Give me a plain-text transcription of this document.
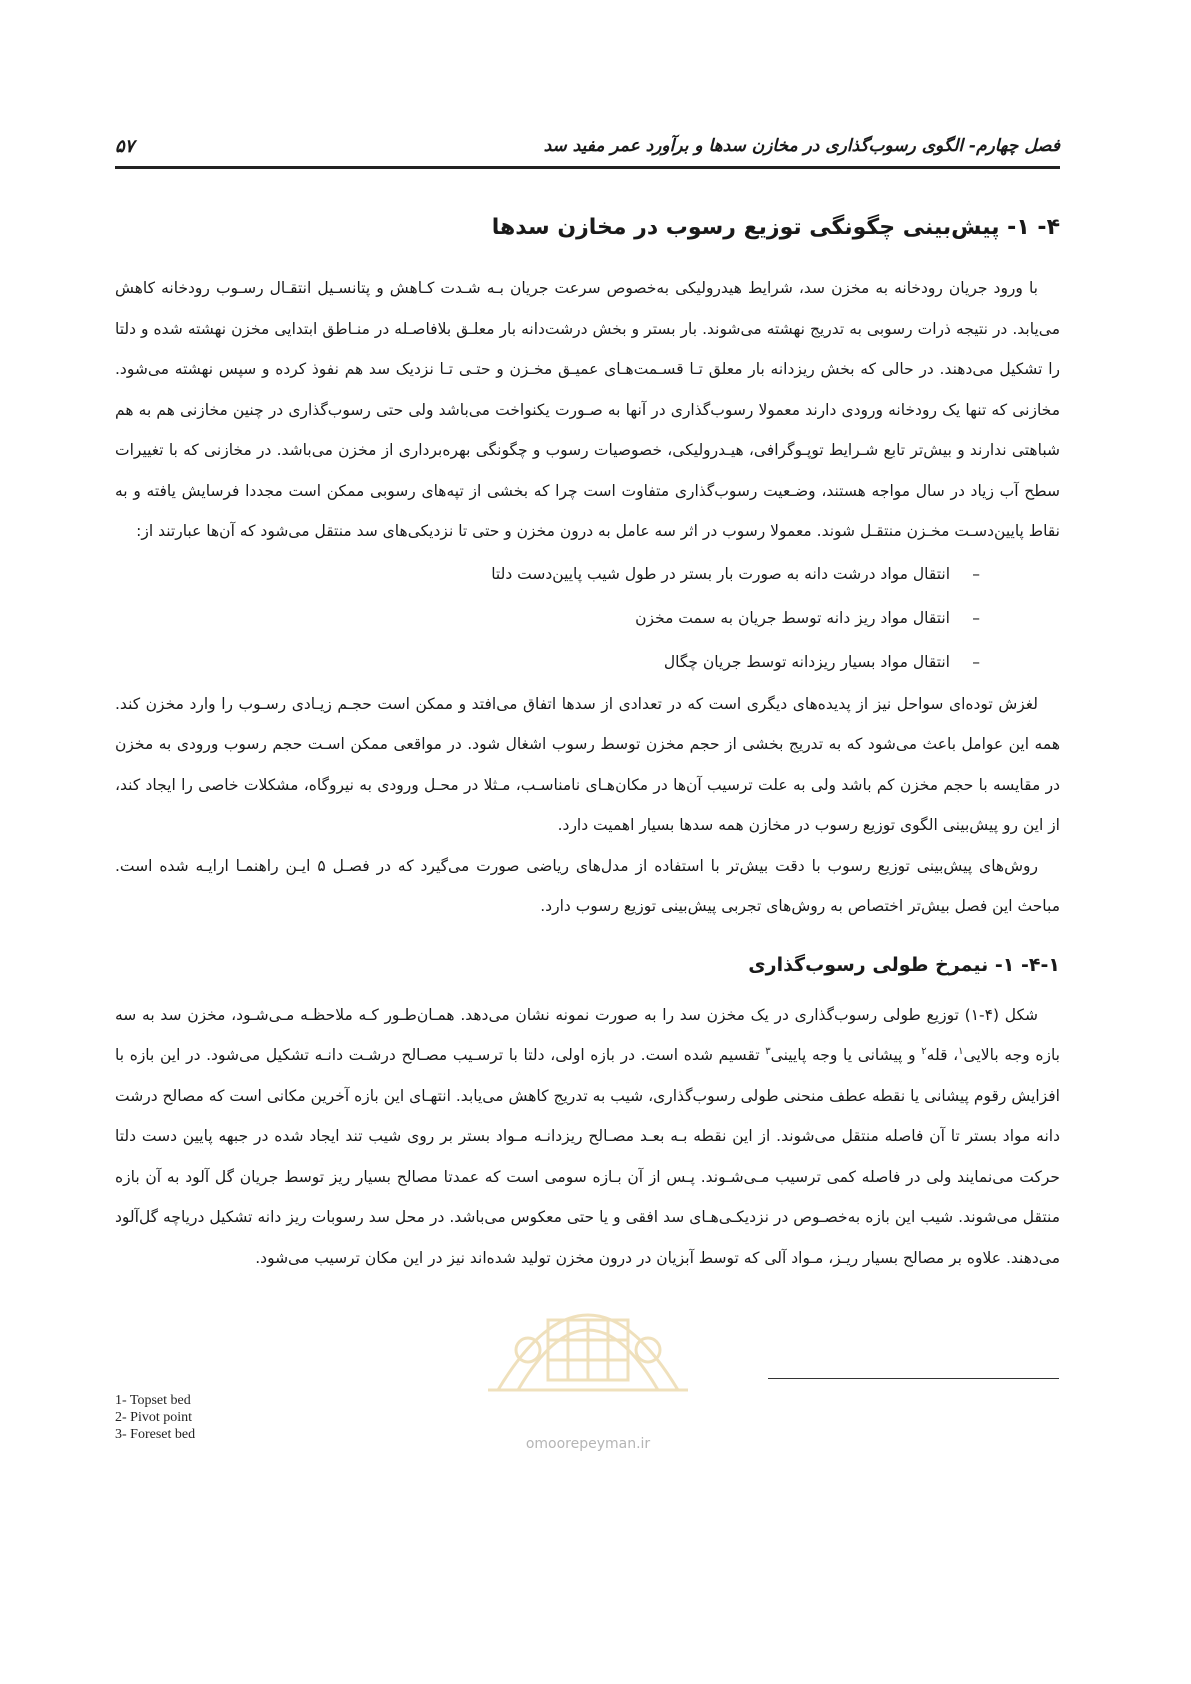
۵۷	فصل چهارم- الگوی رسوب‌گذاری در مخازن سدها و برآورد عمر مفید سد
۴- ۱- پیش‌بینی چگونگی توزیع رسوب در مخازن سدها

با ورود جریان رودخانه به مخزن سد، شرایط هیدرولیکی به‌خصوص سرعت جریان بـه شـدت کـاهش و پتانسـیل انتقـال رسـوب رودخانه کاهش می‌یابد. در نتیجه ذرات رسوبی به تدریج نهشته می‌شوند. بار بستر و بخش درشت‌دانه بار معلـق بلافاصـله در منـاطق ابتدایی مخزن نهشته شده و دلتا را تشکیل می‌دهند. در حالی که بخش ریزدانه بار معلق تـا قسـمت‌هـای عمیـق مخـزن و حتـی تـا نزدیک سد هم نفوذ کرده و سپس نهشته می‌شود. مخازنی که تنها یک رودخانه ورودی دارند معمولا رسوب‌گذاری در آنها به صـورت یکنواخت می‌باشد ولی حتی رسوب‌گذاری در چنین مخازنی هم به هم شباهتی ندارند و بیش‌تر تابع شـرایط توپـوگرافی، هیـدرولیکی، خصوصیات رسوب و چگونگی بهره‌برداری از مخزن می‌باشد. در مخازنی که با تغییرات سطح آب زیاد در سال مواجه هستند، وضـعیت رسوب‌گذاری متفاوت است چرا که بخشی از تپه‌های رسوبی ممکن است مجددا فرسایش یافته و به نقاط پایین‌دسـت مخـزن منتقـل شوند. معمولا رسوب در اثر سه عامل به درون مخزن و حتی تا نزدیکی‌های سد منتقل می‌شود که آن‌ها عبارتند از:

–انتقال مواد درشت دانه به صورت بار بستر در طول شیب پایین‌دست دلتا
–انتقال مواد ریز دانه توسط جریان به سمت مخزن
–انتقال مواد بسیار ریزدانه توسط جریان چگال

لغزش توده‌ای سواحل نیز از پدیده‌های دیگری است که در تعدادی از سدها اتفاق می‌افتد و ممکن است حجـم زیـادی رسـوب را وارد مخزن کند. همه این عوامل باعث می‌شود که به تدریج بخشی از حجم مخزن توسط رسوب اشغال شود. در مواقعی ممکن اسـت حجم رسوب ورودی به مخزن در مقایسه با حجم مخزن کم باشد ولی به علت ترسیب آن‌ها در مکان‌هـای نامناسـب، مـثلا در محـل ورودی به نیروگاه، مشکلات خاصی را ایجاد کند، از این رو پیش‌بینی الگوی توزیع رسوب در مخازن همه سدها بسیار اهمیت دارد.

روش‌های پیش‌بینی توزیع رسوب با دقت بیش‌تر با استفاده از مدل‌های ریاضی صورت می‌گیرد که در فصـل ۵ ایـن راهنمـا ارایـه شده است. مباحث این فصل بیش‌تر اختصاص به روش‌های تجربی پیش‌بینی توزیع رسوب دارد.

۴-۱- ۱- نیمرخ طولی رسوب‌گذاری

شکل (۴-۱) توزیع طولی رسوب‌گذاری در یک مخزن سد را به صورت نمونه نشان می‌دهد. همـان‌طـور کـه ملاحظـه مـی‌شـود، مخزن سد به سه بازه وجه بالایی$^۱$، قله$^۲$ و پیشانی یا وجه پایینی$^۳$ تقسیم شده است. در بازه اولی، دلتا با ترسـیب مصـالح درشـت دانـه تشکیل می‌شود. در این بازه با افزایش رقوم پیشانی یا نقطه عطف منحنی طولی رسوب‌گذاری، شیب به تدریج کاهش می‌یابد. انتهـای این بازه آخرین مکانی است که مصالح درشت دانه مواد بستر تا آن فاصله منتقل می‌شوند. از این نقطه بـه بعـد مصـالح ریزدانـه مـواد بستر بر روی شیب تند ایجاد شده در جبهه پایین دست دلتا حرکت می‌نمایند ولی در فاصله کمی ترسیب مـی‌شـوند. پـس از آن بـازه سومی است که عمدتا مصالح بسیار ریز توسط جریان گل آلود به آن بازه منتقل می‌شوند. شیب این بازه به‌خصـوص در نزدیکـی‌هـای سد افقی و یا حتی معکوس می‌باشد. در محل سد رسوبات ریز دانه تشکیل دریاچه گل‌آلود می‌دهند. علاوه بر مصالح بسیار ریـز، مـواد آلی که توسط آبزیان در درون مخزن تولید شده‌اند نیز در این مکان ترسیب می‌شود.

omoorepeyman.ir
1- Topset bed
2- Pivot point
3- Foreset bed
